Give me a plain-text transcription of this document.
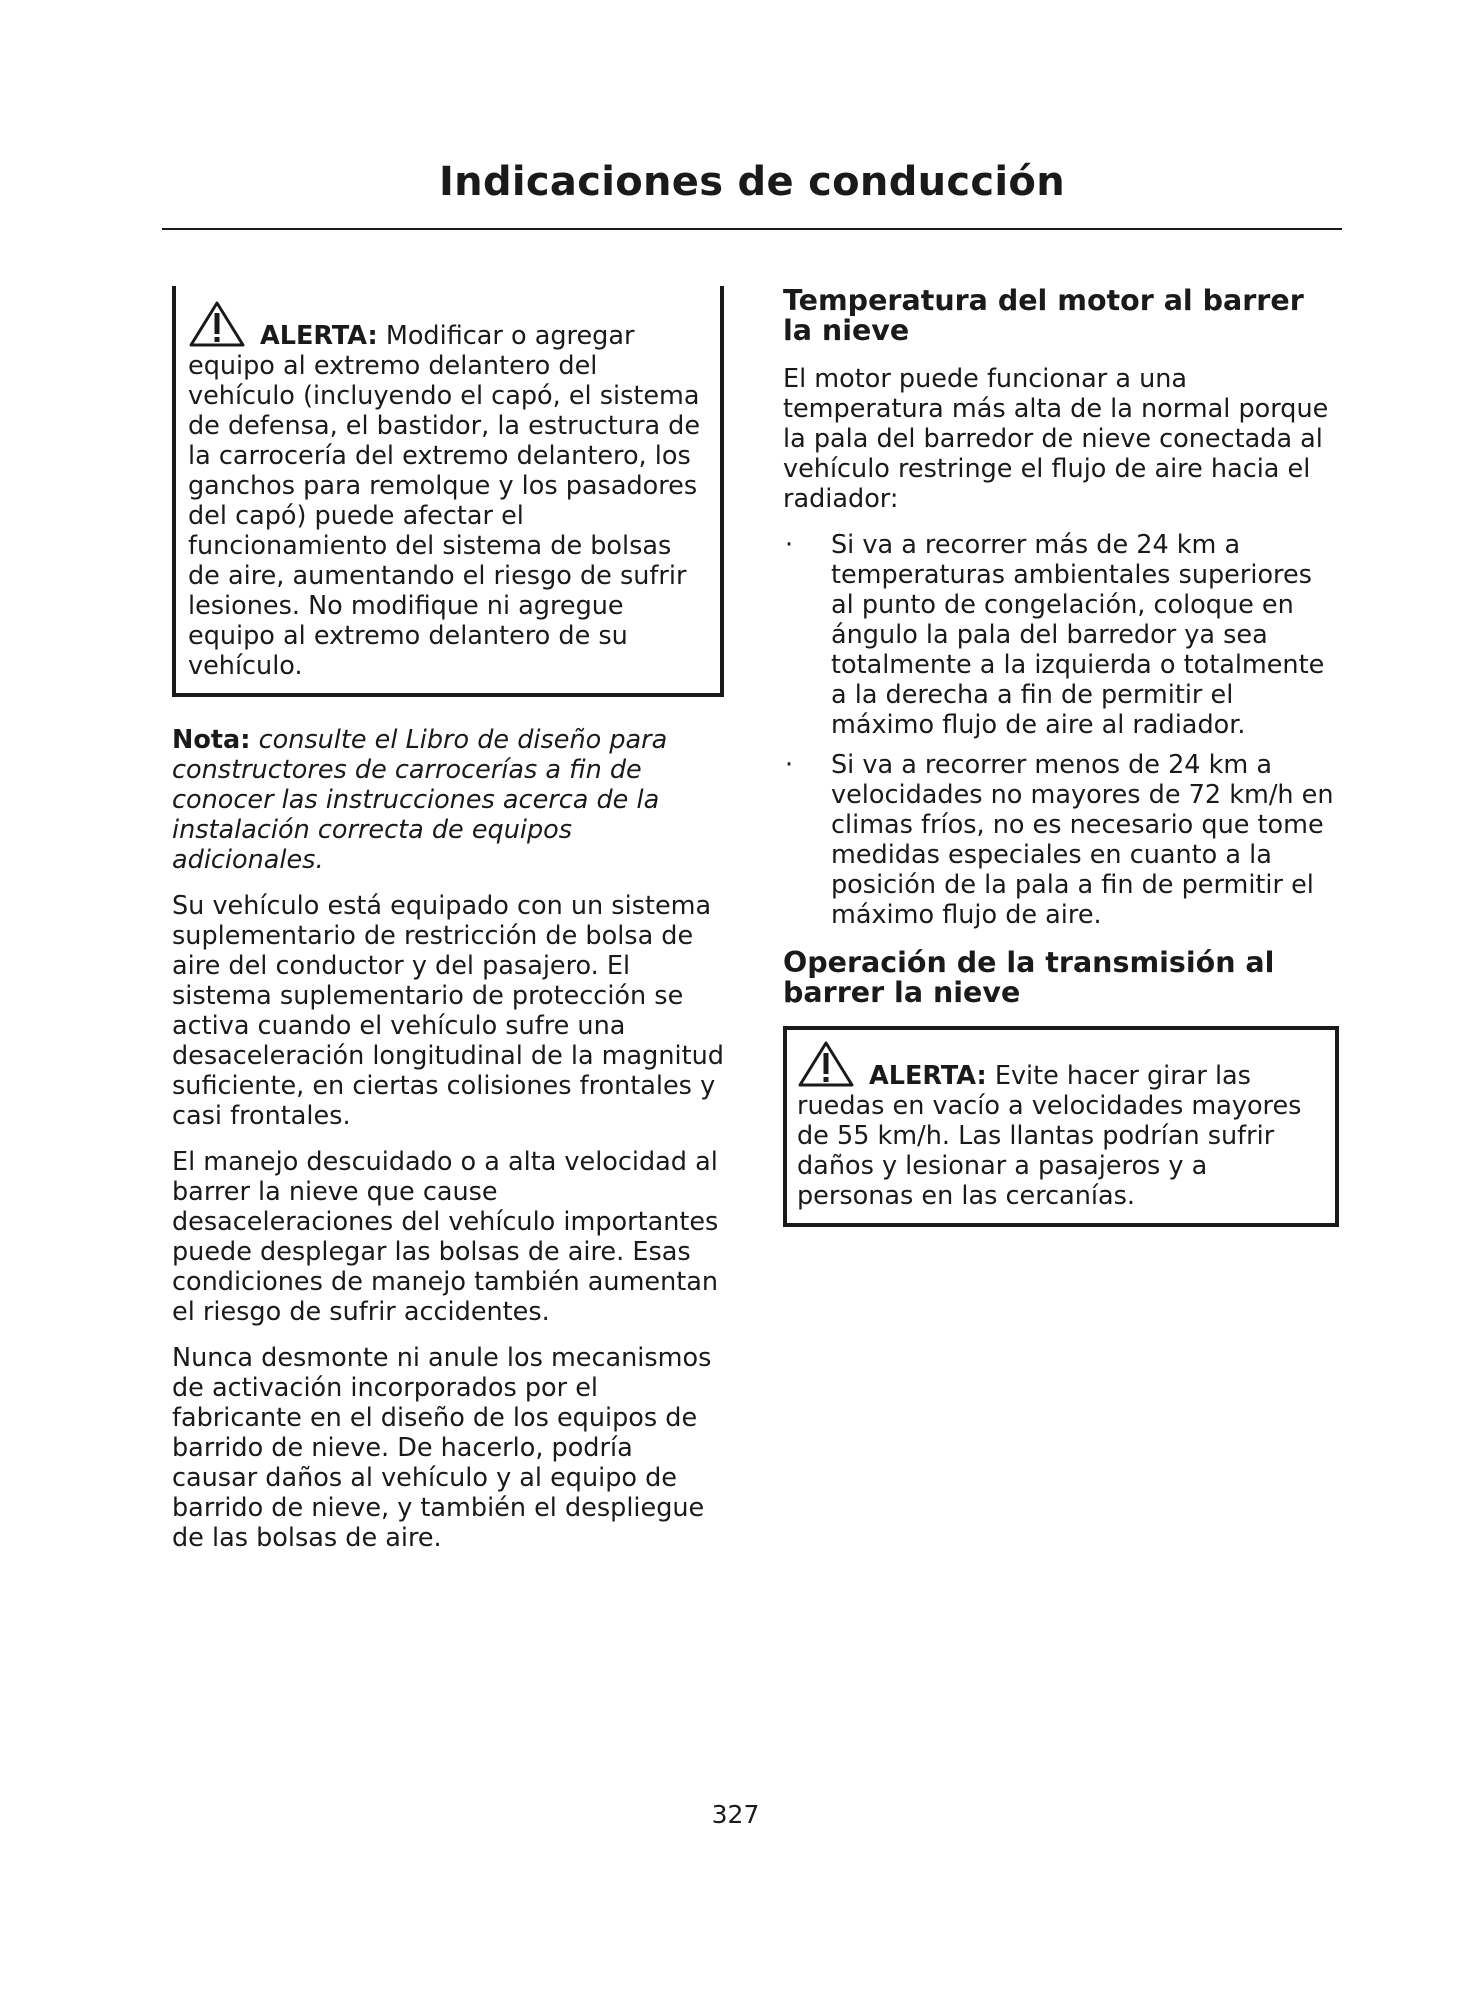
Indicaciones de conducción

ALERTA: Modificar o agregar equipo al extremo delantero del vehículo (incluyendo el capó, el sistema de defensa, el bastidor, la estructura de la carrocería del extremo delantero, los ganchos para remolque y los pasadores del capó) puede afectar el funcionamiento del sistema de bolsas de aire, aumentando el riesgo de sufrir lesiones. No modifique ni agregue equipo al extremo delantero de su vehículo.

Nota: consulte el Libro de diseño para constructores de carrocerías a fin de conocer las instrucciones acerca de la instalación correcta de equipos adicionales.

Su vehículo está equipado con un sistema suplementario de restricción de bolsa de aire del conductor y del pasajero. El sistema suplementario de protección se activa cuando el vehículo sufre una desaceleración longitudinal de la magnitud suficiente, en ciertas colisiones frontales y casi frontales.

El manejo descuidado o a alta velocidad al barrer la nieve que cause desaceleraciones del vehículo importantes puede desplegar las bolsas de aire. Esas condiciones de manejo también aumentan el riesgo de sufrir accidentes.

Nunca desmonte ni anule los mecanismos de activación incorporados por el fabricante en el diseño de los equipos de barrido de nieve. De hacerlo, podría causar daños al vehículo y al equipo de barrido de nieve, y también el despliegue de las bolsas de aire.

Temperatura del motor al barrer la nieve

El motor puede funcionar a una temperatura más alta de la normal porque la pala del barredor de nieve conectada al vehículo restringe el flujo de aire hacia el radiador:

· Si va a recorrer más de 24 km a temperaturas ambientales superiores al punto de congelación, coloque en ángulo la pala del barredor ya sea totalmente a la izquierda o totalmente a la derecha a fin de permitir el máximo flujo de aire al radiador.
· Si va a recorrer menos de 24 km a velocidades no mayores de 72 km/h en climas fríos, no es necesario que tome medidas especiales en cuanto a la posición de la pala a fin de permitir el máximo flujo de aire.
Operación de la transmisión al barrer la nieve

ALERTA: Evite hacer girar las ruedas en vacío a velocidades mayores de 55 km/h. Las llantas podrían sufrir daños y lesionar a pasajeros y a personas en las cercanías.

327
